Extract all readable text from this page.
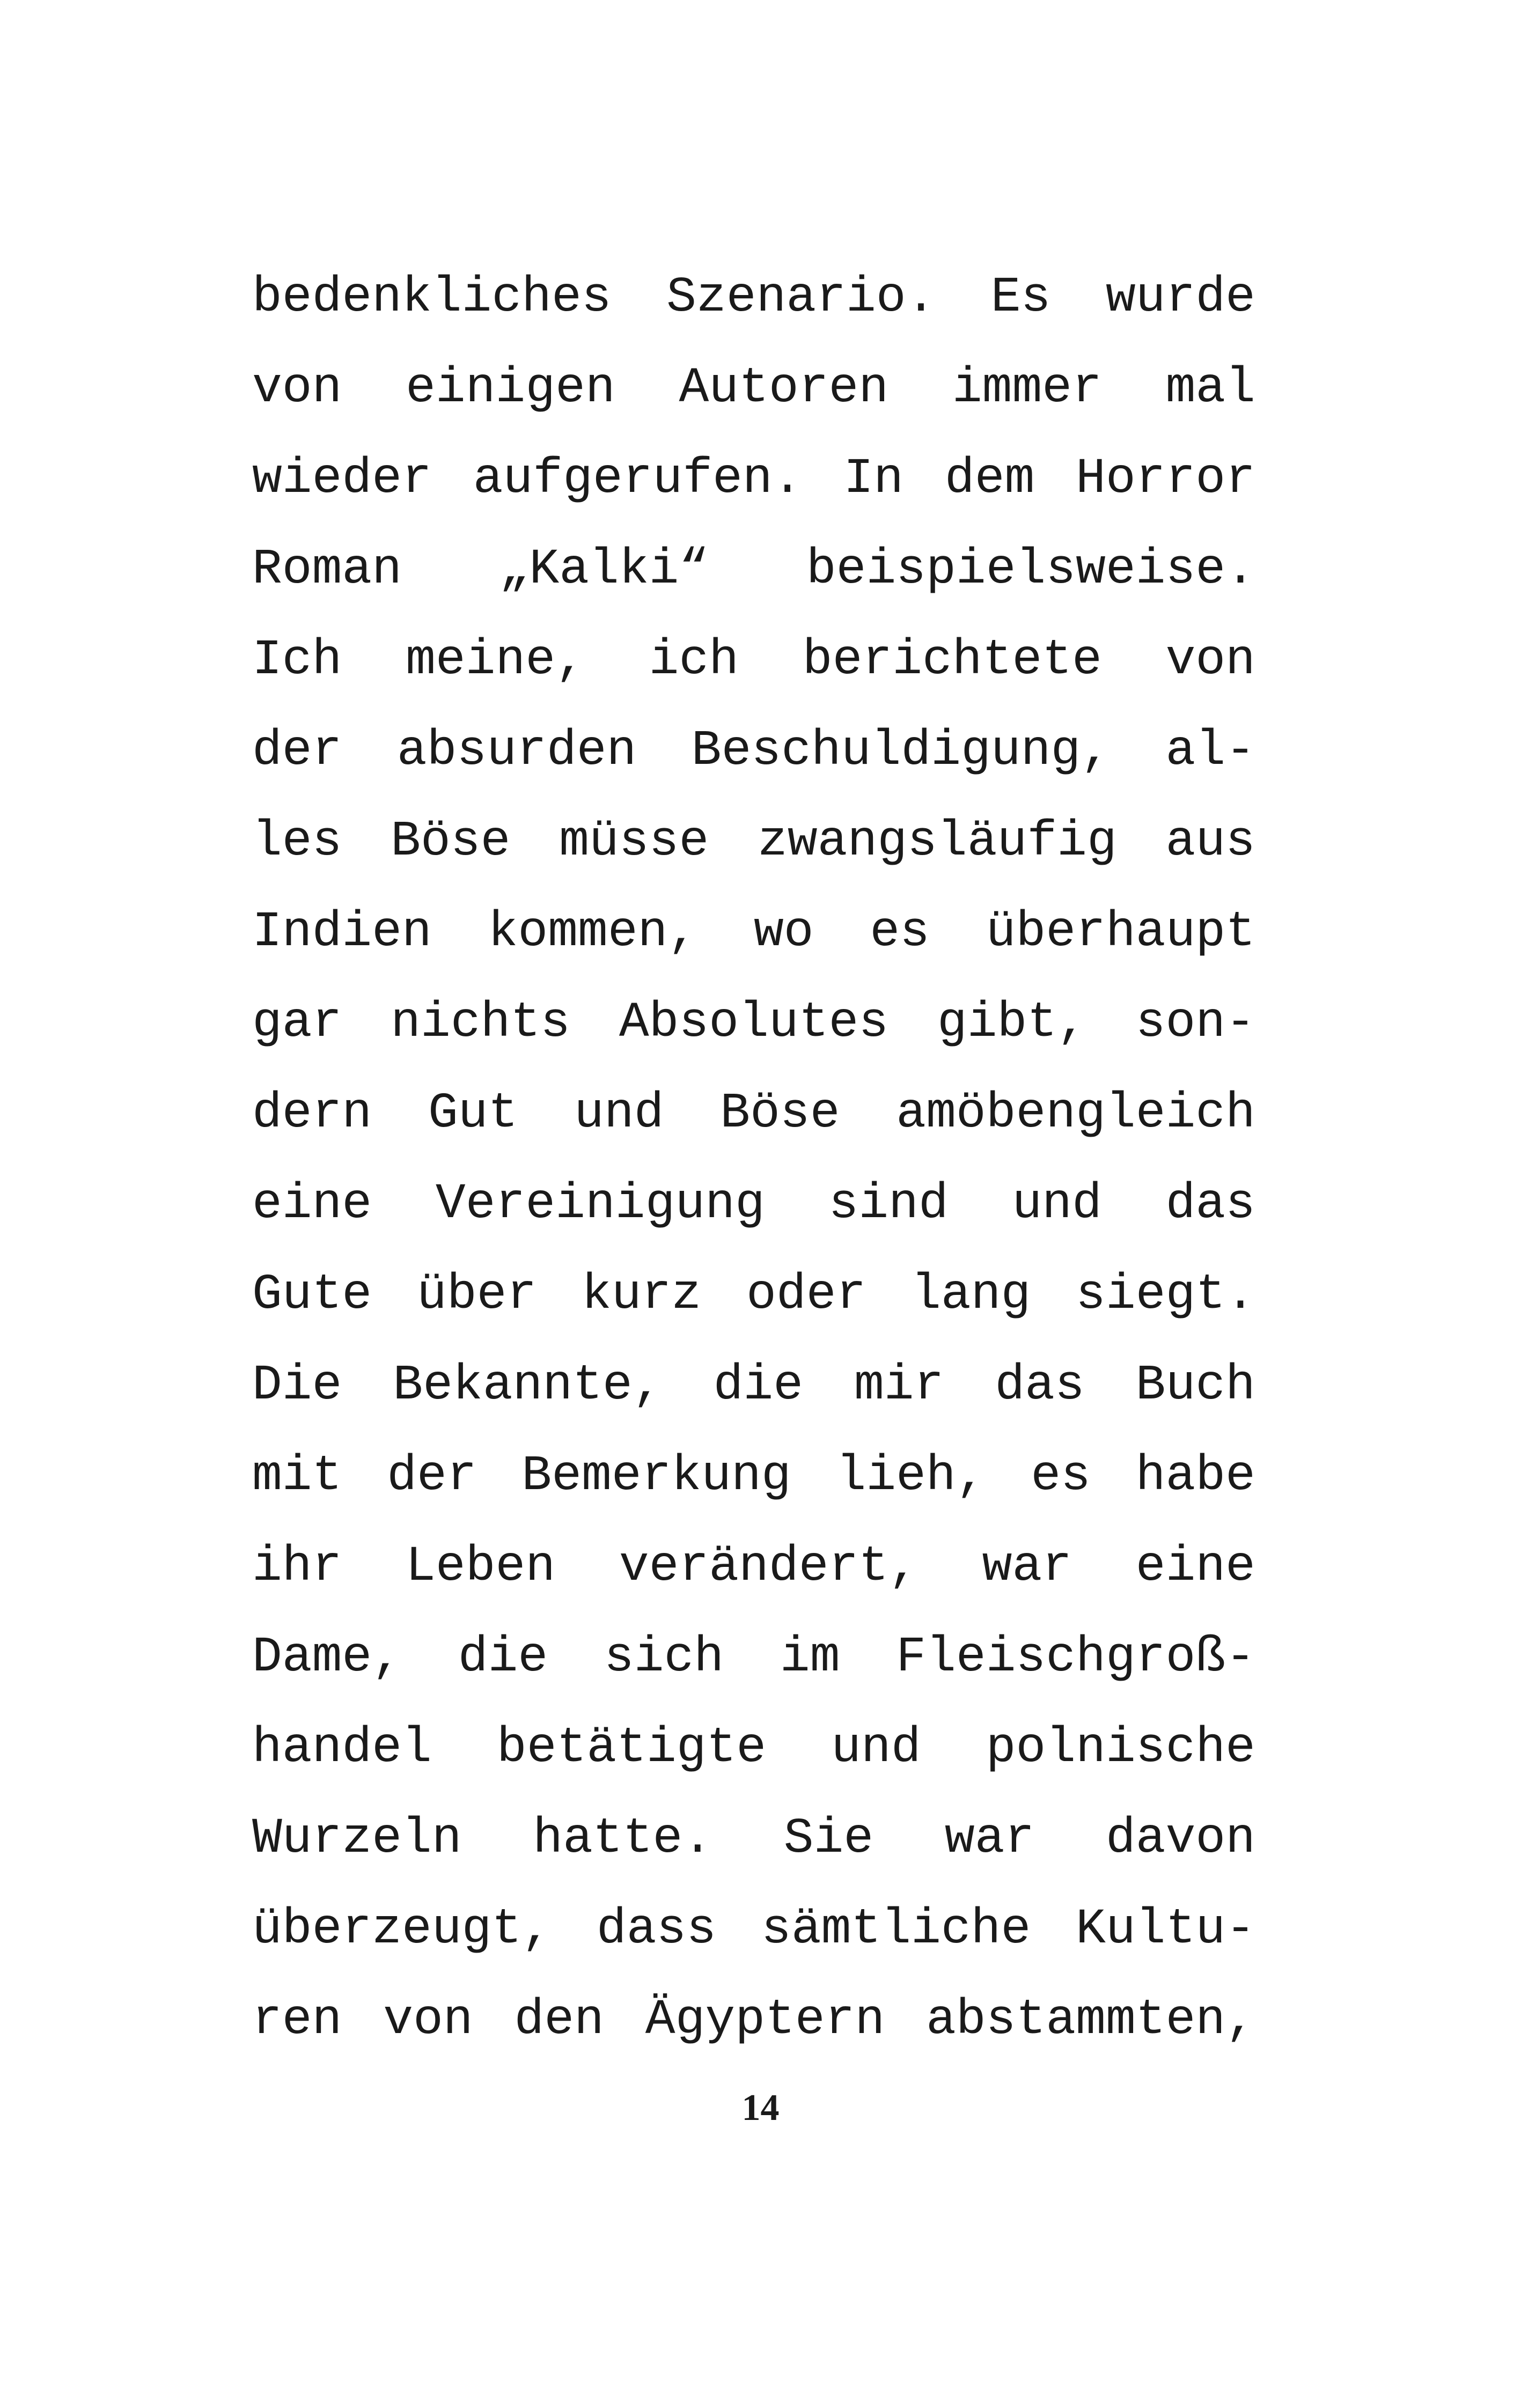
bedenkliches Szenario. Es wurde
von einigen Autoren immer mal
wieder aufgerufen. In dem Horror
Roman „Kalki“ beispielsweise.
Ich meine, ich berichtete von
der absurden Beschuldigung, al-
les Böse müsse zwangsläufig aus
Indien kommen, wo es überhaupt
gar nichts Absolutes gibt, son-
dern Gut und Böse amöbengleich
eine Vereinigung sind und das
Gute über kurz oder lang siegt.
Die Bekannte, die mir das Buch
mit der Bemerkung lieh, es habe
ihr Leben verändert, war eine
Dame, die sich im Fleischgroß-
handel betätigte und polnische
Wurzeln hatte. Sie war davon
überzeugt, dass sämtliche Kultu-
ren von den Ägyptern abstammten,
14
